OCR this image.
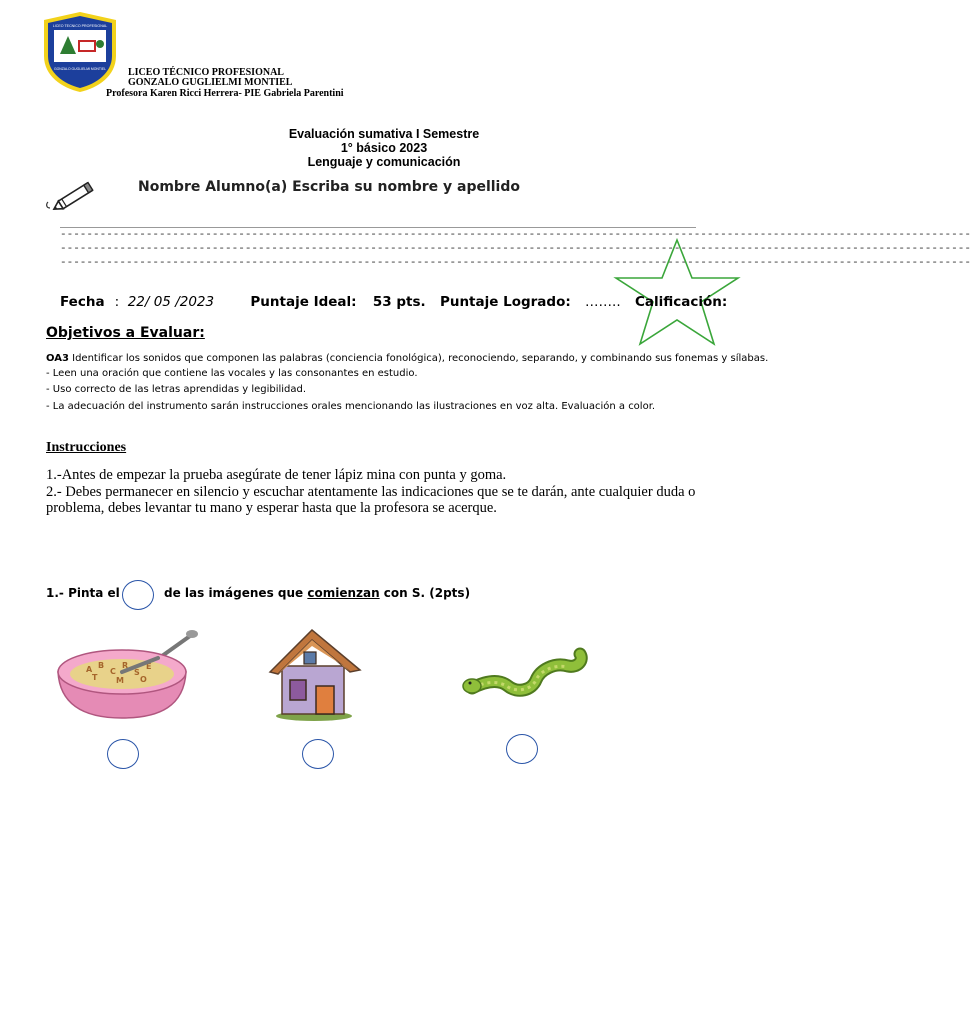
LICEO TECNICO PROFESIONAL
GONZALO GUGLIELMI MONTIEL LICEO TÉCNICO PROFESIONAL
GONZALO GUGLIELMI MONTIEL
Profesora Karen Ricci Herrera- PIE Gabriela Parentini
Evaluación sumativa I Semestre
1° básico 2023
Lenguaje y comunicación
Nombre Alumno(a) Escriba su nombre y apellido
------------------------------------------------------------------------------------------------------------------------------------------
------------------------------------------------------------------------------------------------------------------------------------------
------------------------------------------------------------------------------------------------------------------------------------------
Fecha :  22/ 05 /2023	Puntaje Ideal: 53 pts. Puntaje Logrado: …….. Calificación:
Objetivos a Evaluar:
OA3 Identificar los sonidos que componen las palabras (conciencia fonológica), reconociendo, separando, y combinando sus fonemas y sílabas.
- Leen una oración que contiene las vocales y las consonantes en estudio.
- Uso correcto de las letras aprendidas y legibilidad.
- La adecuación del instrumento sarán instrucciones orales mencionando las ilustraciones en voz alta. Evaluación a color.
Instrucciones
1.-Antes de empezar la prueba asegúrate de tener lápiz mina con punta y goma.
2.- Debes permanecer en silencio y escuchar atentamente las indicaciones que se te darán, ante cualquier duda o problema, debes levantar tu mano y esperar hasta que la profesora se acerque.
1.- Pinta el	de las imágenes que comienzan con S. (2pts)
A B
C
R
S
E
T M O
